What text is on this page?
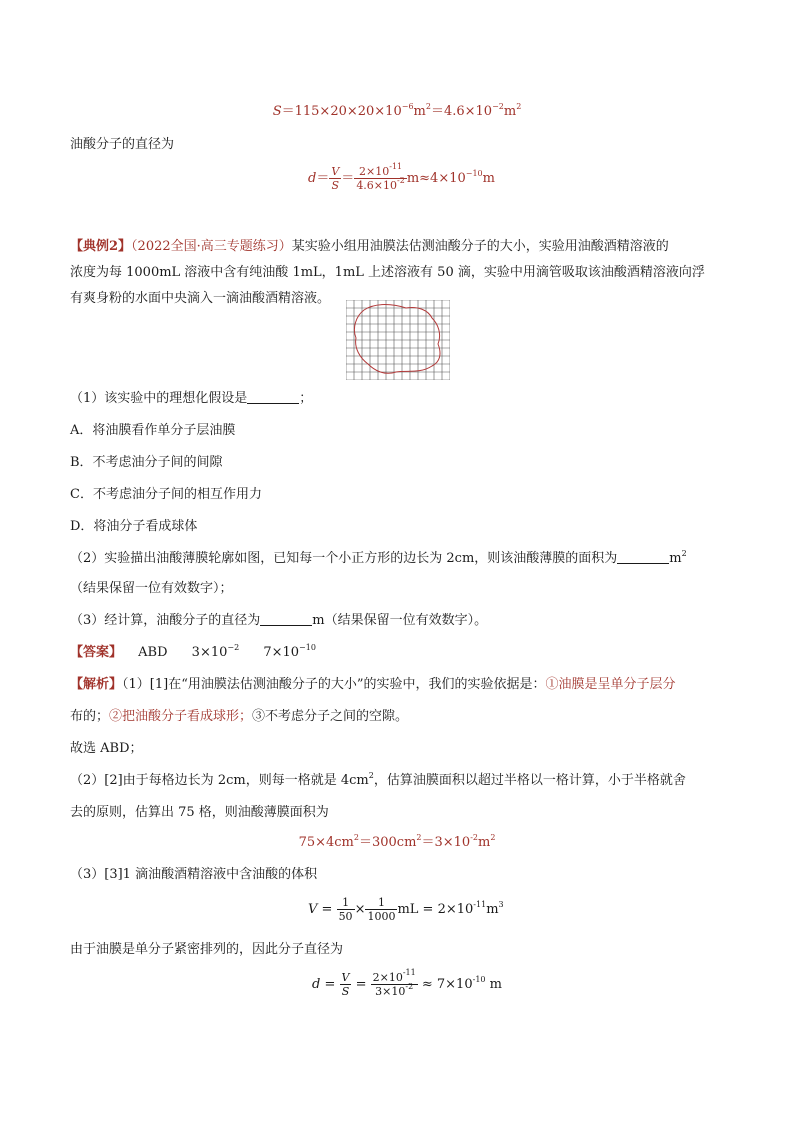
$S=115\times 20\times 20\times 10^{-6}m^2=4.6\times 10^{-2}m^2$
油酸分子的直径为
$d= \frac{V}{S} = \frac{2\times 10^{-11}}{4.6\times 10^{-2}} m\approx 4\times 10^{-10}m$
【典例2】（2022全国·高三专题练习）某实验小组用油膜法估测油酸分子的大小，实验用油酸酒精溶液的
浓度为每 1000mL 溶液中含有纯油酸 1mL，1mL 上述溶液有 50 滴，实验中用滴管吸取该油酸酒精溶液向浮
有爽身粉的水面中央滴入一滴油酸酒精溶液。
（1）该实验中的理想化假设是	；
A．将油膜看作单分子层油膜
B．不考虑油分子间的间隙
C．不考虑油分子间的相互作用力
D．将油分子看成球体
（2）实验描出油酸薄膜轮廓如图，已知每一个小正方形的边长为 2cm，则该油酸薄膜的面积为	$m^2$
（结果保留一位有效数字）；
（3）经计算，油酸分子的直径为	m（结果保留一位有效数字）。
【答案】 ABD $3\times 10^{-2}$ $7\times 10^{-10}$
【解析】（1）[1]在“用油膜法估测油酸分子的大小”的实验中，我们的实验依据是：①油膜是呈单分子层分
布的；②把油酸分子看成球形；③不考虑分子之间的空隙。
故选 ABD；
（2）[2]由于每格边长为 2cm，则每一格就是 $4cm^2$，估算油膜面积以超过半格以一格计算，小于半格就舍
去的原则，估算出 75 格，则油酸薄膜面积为
$75\times 4cm^2=300cm^2=3\times 10^{-2}m^2$
（3）[3]1 滴油酸酒精溶液中含油酸的体积
$V = \frac{1}{50} \times \frac{1}{1000}$ mL = $2\times 10^{-11}m^3$
由于油膜是单分子紧密排列的，因此分子直径为
$d = \frac{V}{S} = \frac{2\times 10^{-11}}{3\times 10^{-2}} \approx 7\times 10^{-10}$ m
